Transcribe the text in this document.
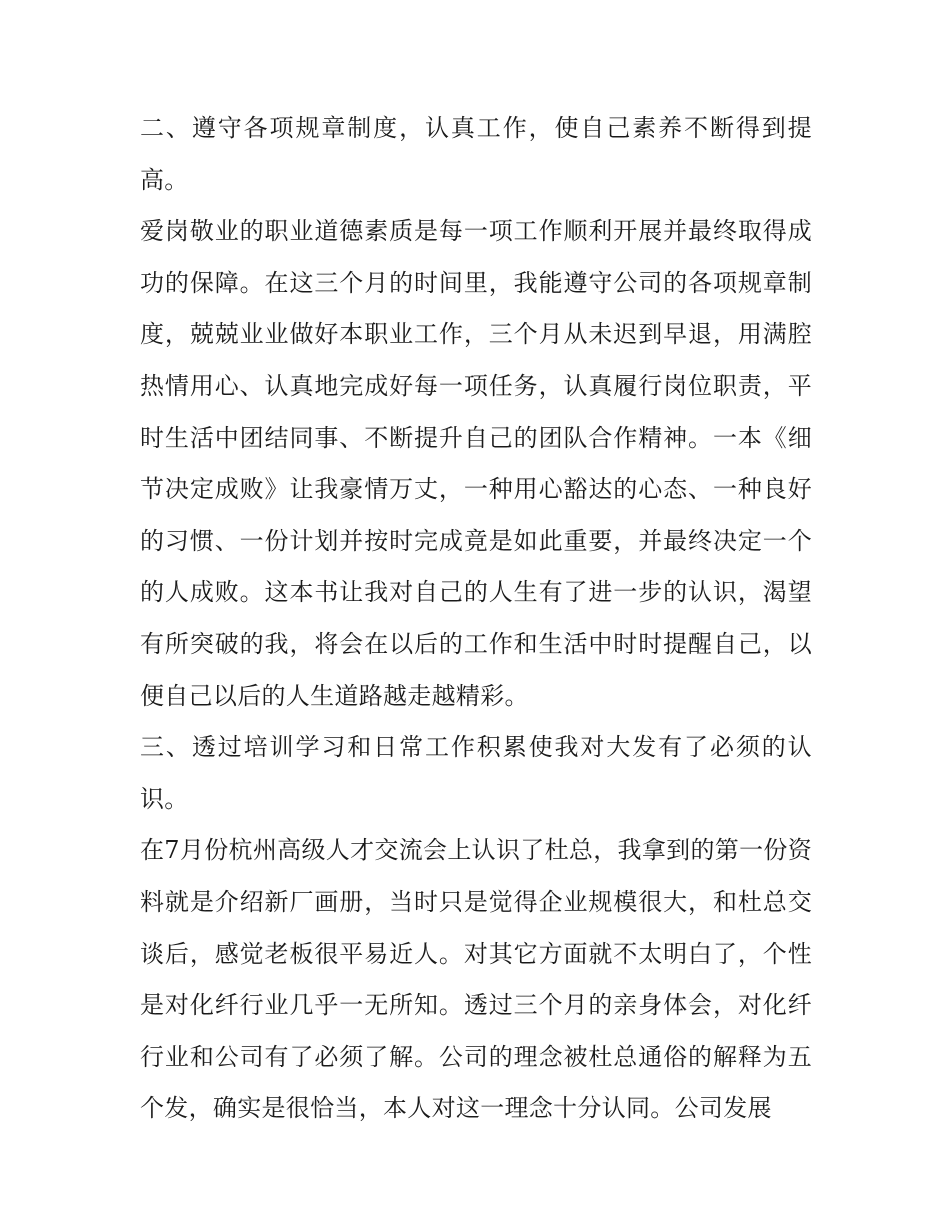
二、遵守各项规章制度，认真工作，使自己素养不断得到提高。

爱岗敬业的职业道德素质是每一项工作顺利开展并最终取得成功的保障。在这三个月的时间里，我能遵守公司的各项规章制度，兢兢业业做好本职业工作，三个月从未迟到早退，用满腔热情用心、认真地完成好每一项任务，认真履行岗位职责，平时生活中团结同事、不断提升自己的团队合作精神。一本《细节决定成败》让我豪情万丈，一种用心豁达的心态、一种良好的习惯、一份计划并按时完成竟是如此重要，并最终决定一个的人成败。这本书让我对自己的人生有了进一步的认识，渴望有所突破的我，将会在以后的工作和生活中时时提醒自己，以便自己以后的人生道路越走越精彩。

三、透过培训学习和日常工作积累使我对大发有了必须的认识。

在7月份杭州高级人才交流会上认识了杜总，我拿到的第一份资料就是介绍新厂画册，当时只是觉得企业规模很大，和杜总交谈后，感觉老板很平易近人。对其它方面就不太明白了，个性是对化纤行业几乎一无所知。透过三个月的亲身体会，对化纤行业和公司有了必须了解。公司的理念被杜总通俗的解释为五个发，确实是很恰当，本人对这一理念十分认同。公司发展
